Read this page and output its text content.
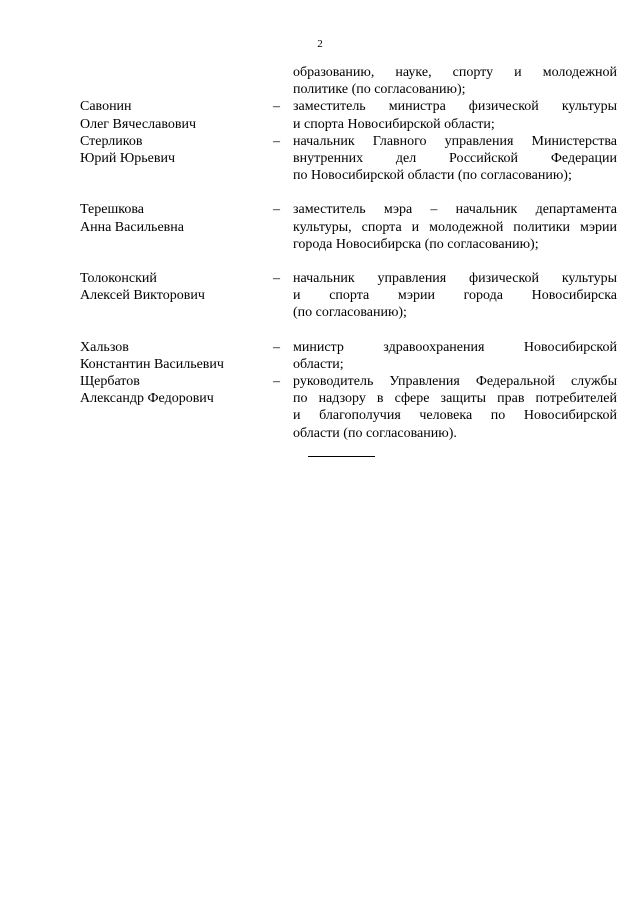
2
образованию, науке, спорту и молодежной
политике (по согласованию);
Савонин
Олег Вячеславович
– заместитель министра физической культуры
и спорта Новосибирской области;
Стерликов
Юрий Юрьевич
– начальник Главного управления Министерства
внутренних дел Российской Федерации
по Новосибирской области (по согласованию);
Терешкова
Анна Васильевна
– заместитель мэра – начальник департамента
культуры, спорта и молодежной политики мэрии
города Новосибирска (по согласованию);
Толоконский
Алексей Викторович
– начальник управления физической культуры
и спорта мэрии города Новосибирска
(по согласованию);
Хальзов
Константин Васильевич
– министр здравоохранения Новосибирской
области;
Щербатов
Александр Федорович
– руководитель Управления Федеральной службы
по надзору в сфере защиты прав потребителей
и благополучия человека по Новосибирской
области (по согласованию).
